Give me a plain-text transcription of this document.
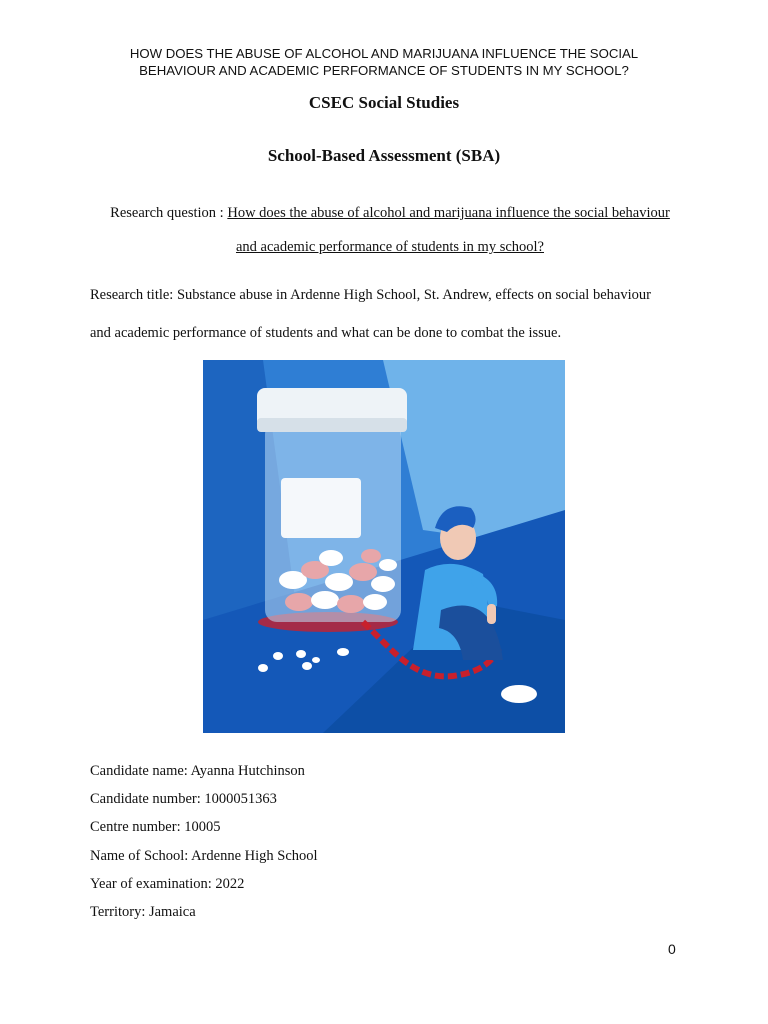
HOW DOES THE ABUSE OF ALCOHOL AND MARIJUANA INFLUENCE THE SOCIAL
BEHAVIOUR AND ACADEMIC PERFORMANCE OF STUDENTS IN MY SCHOOL?
CSEC Social Studies
School-Based Assessment (SBA)
Research question : How does the abuse of alcohol and marijuana influence the social behaviour
and academic performance of students in my school?
Research title: Substance abuse in Ardenne High School, St. Andrew, effects on social behaviour
and academic performance of students and what can be done to combat the issue.
Candidate name: Ayanna Hutchinson
Candidate number: 1000051363
Centre number: 10005
Name of School: Ardenne High School
Year of examination: 2022
Territory: Jamaica
0
